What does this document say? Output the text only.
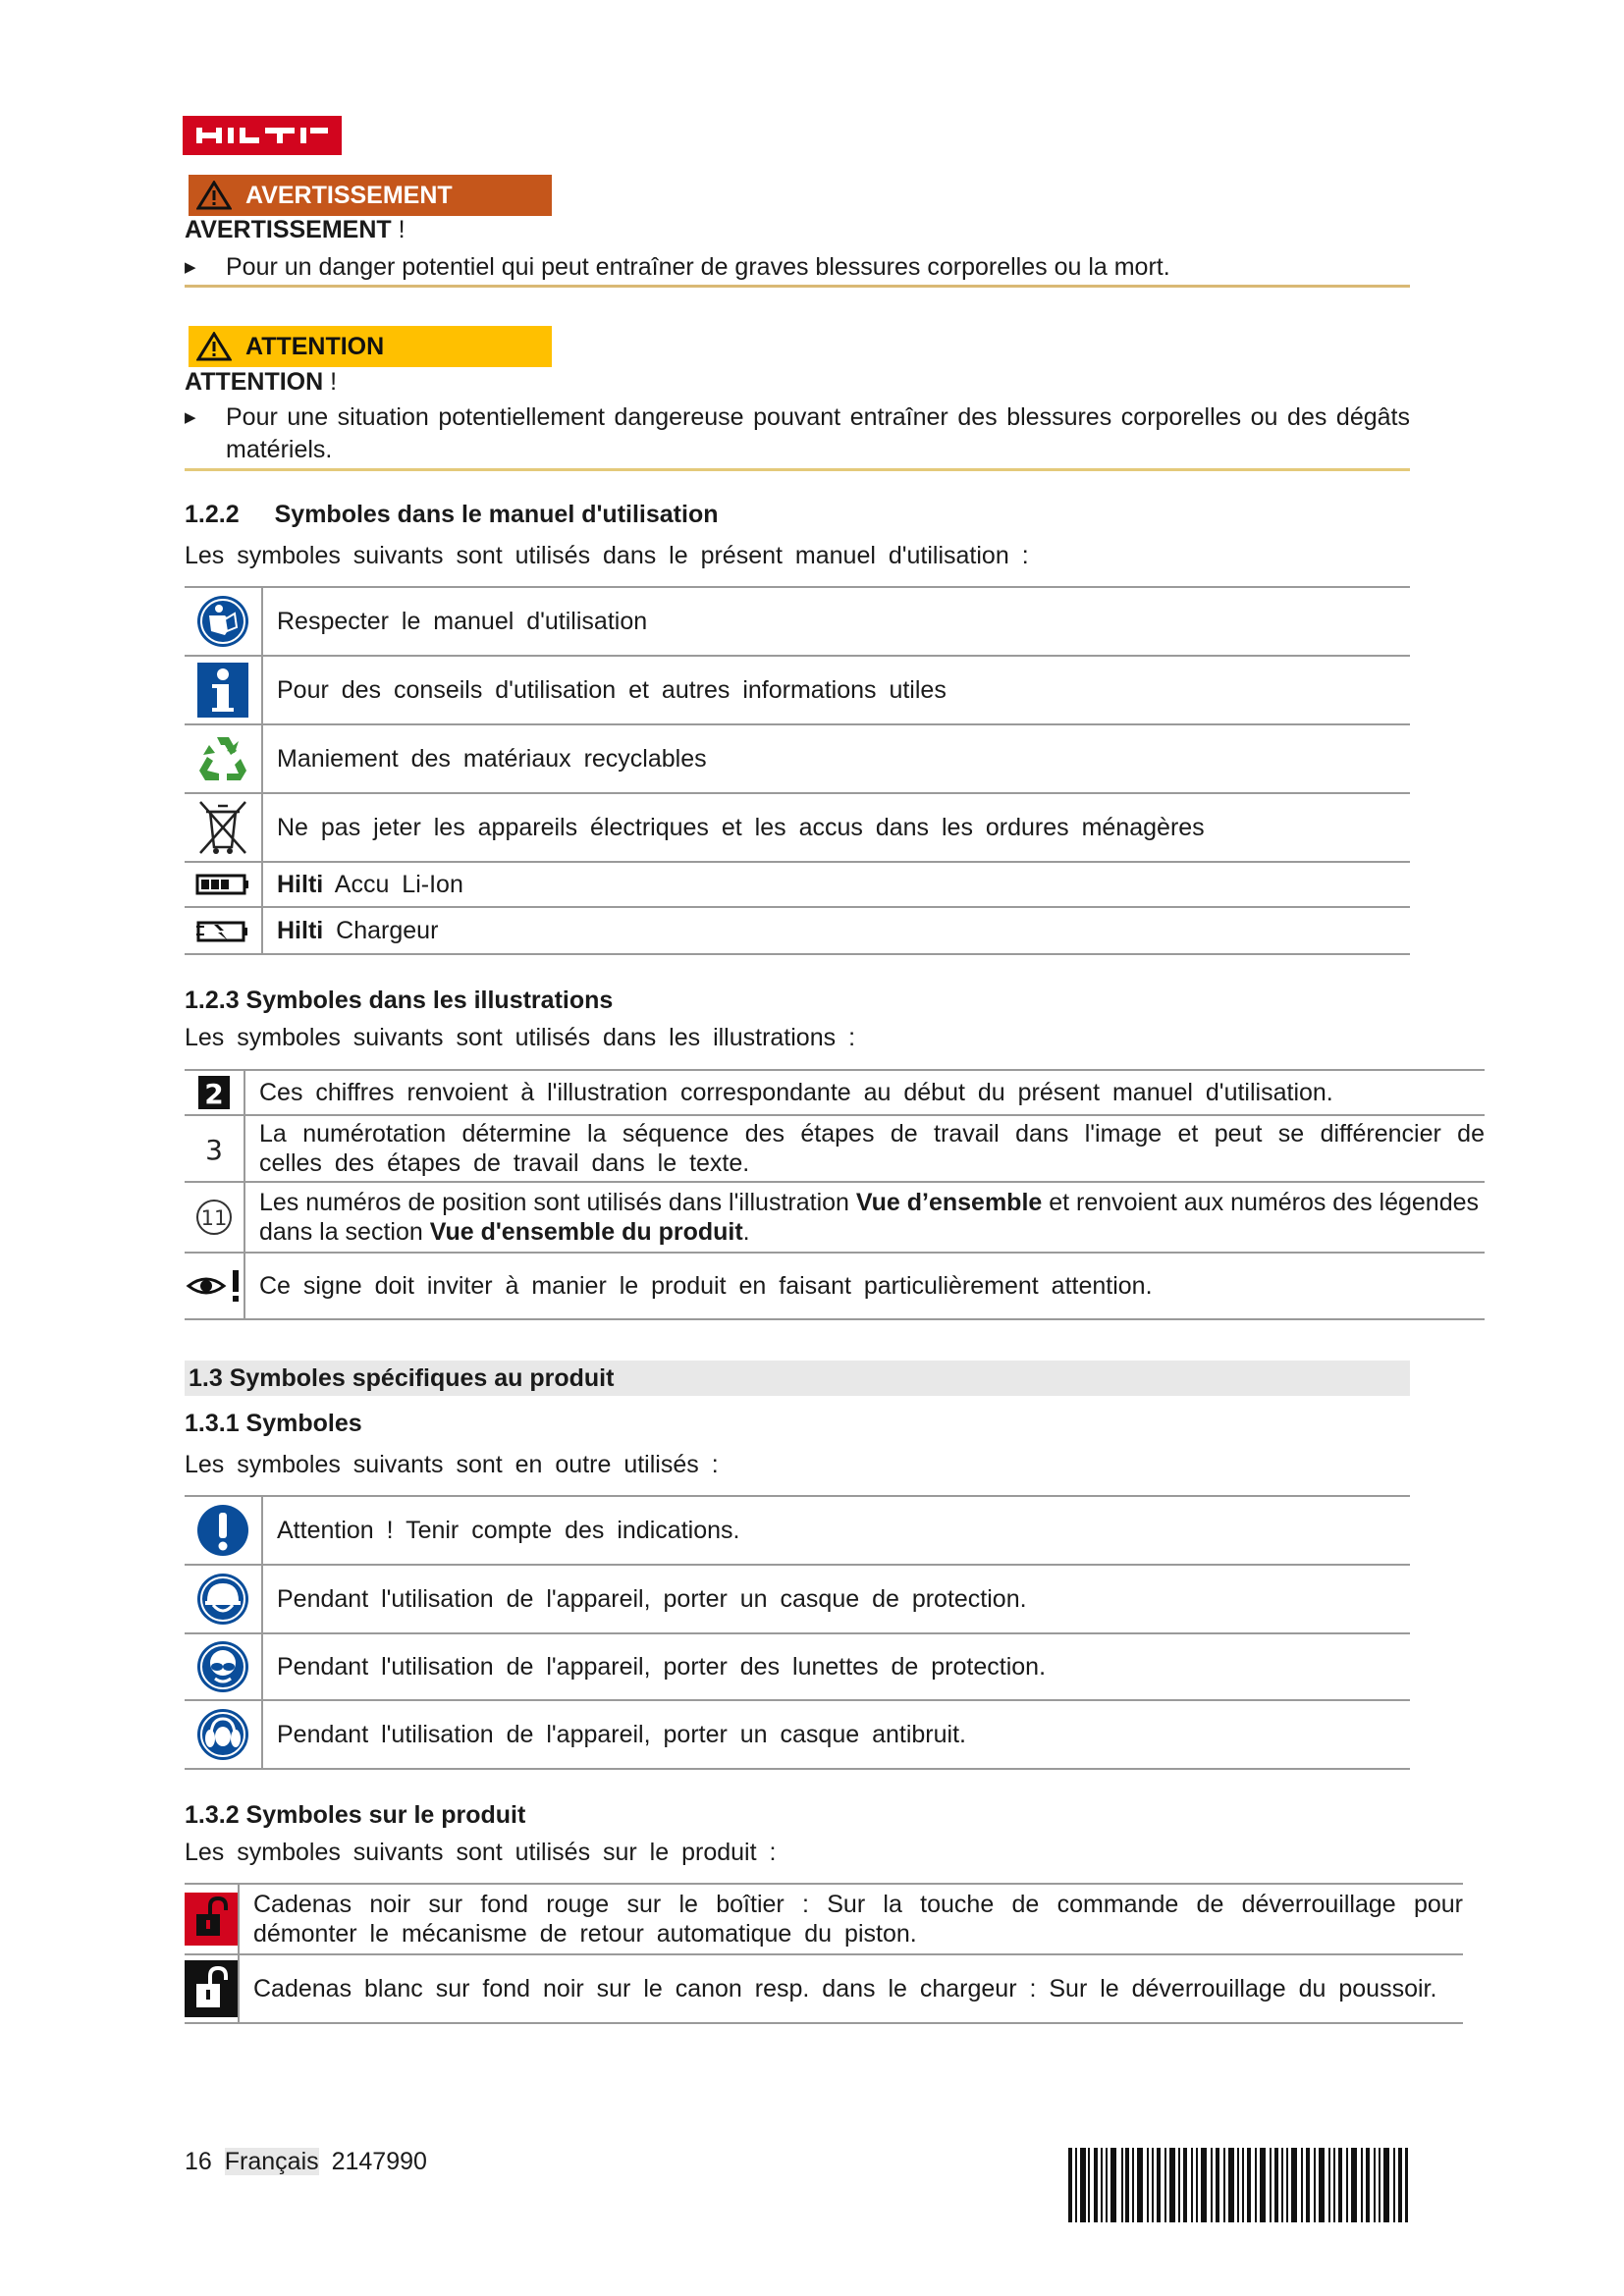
AVERTISSEMENT
AVERTISSEMENT !
▶ Pour un danger potentiel qui peut entraîner de graves blessures corporelles ou la mort.
ATTENTION
ATTENTION !
▶ Pour une situation potentiellement dangereuse pouvant entraîner des blessures corporelles ou des dégâts matériels.
1.2.2 Symboles dans le manuel d'utilisation
Les symboles suivants sont utilisés dans le présent manuel d'utilisation :
	Respecter le manuel d'utilisation

	Pour des conseils d'utilisation et autres informations utiles

	Maniement des matériaux recyclables

	Ne pas jeter les appareils électriques et les accus dans les ordures ménagères

	Hilti Accu Li-Ion

	Hilti Chargeur
1.2.3 Symboles dans les illustrations
Les symboles suivants sont utilisés dans les illustrations :
2	Ces chiffres renvoient à l'illustration correspondante au début du présent manuel d'utilisation.

3	La numérotation détermine la séquence des étapes de travail dans l'image et peut se différencier de celles des étapes de travail dans le texte.

11	Les numéros de position sont utilisés dans l'illustration Vue d’ensemble et renvoient aux numéros des légendes dans la section Vue d'ensemble du produit.

	Ce signe doit inviter à manier le produit en faisant particulièrement attention.
1.3 Symboles spécifiques au produit
1.3.1 Symboles
Les symboles suivants sont en outre utilisés :
	Attention ! Tenir compte des indications.

	Pendant l'utilisation de l'appareil, porter un casque de protection.

	Pendant l'utilisation de l'appareil, porter des lunettes de protection.

	Pendant l'utilisation de l'appareil, porter un casque antibruit.
1.3.2 Symboles sur le produit
Les symboles suivants sont utilisés sur le produit :

Cadenas noir sur fond rouge sur le boîtier : Sur la touche de commande de déverrouillage pour démonter le mécanisme de retour automatique du piston.

Cadenas blanc sur fond noir sur le canon resp. dans le chargeur : Sur le déverrouillage du poussoir.
16 Français 2147990
